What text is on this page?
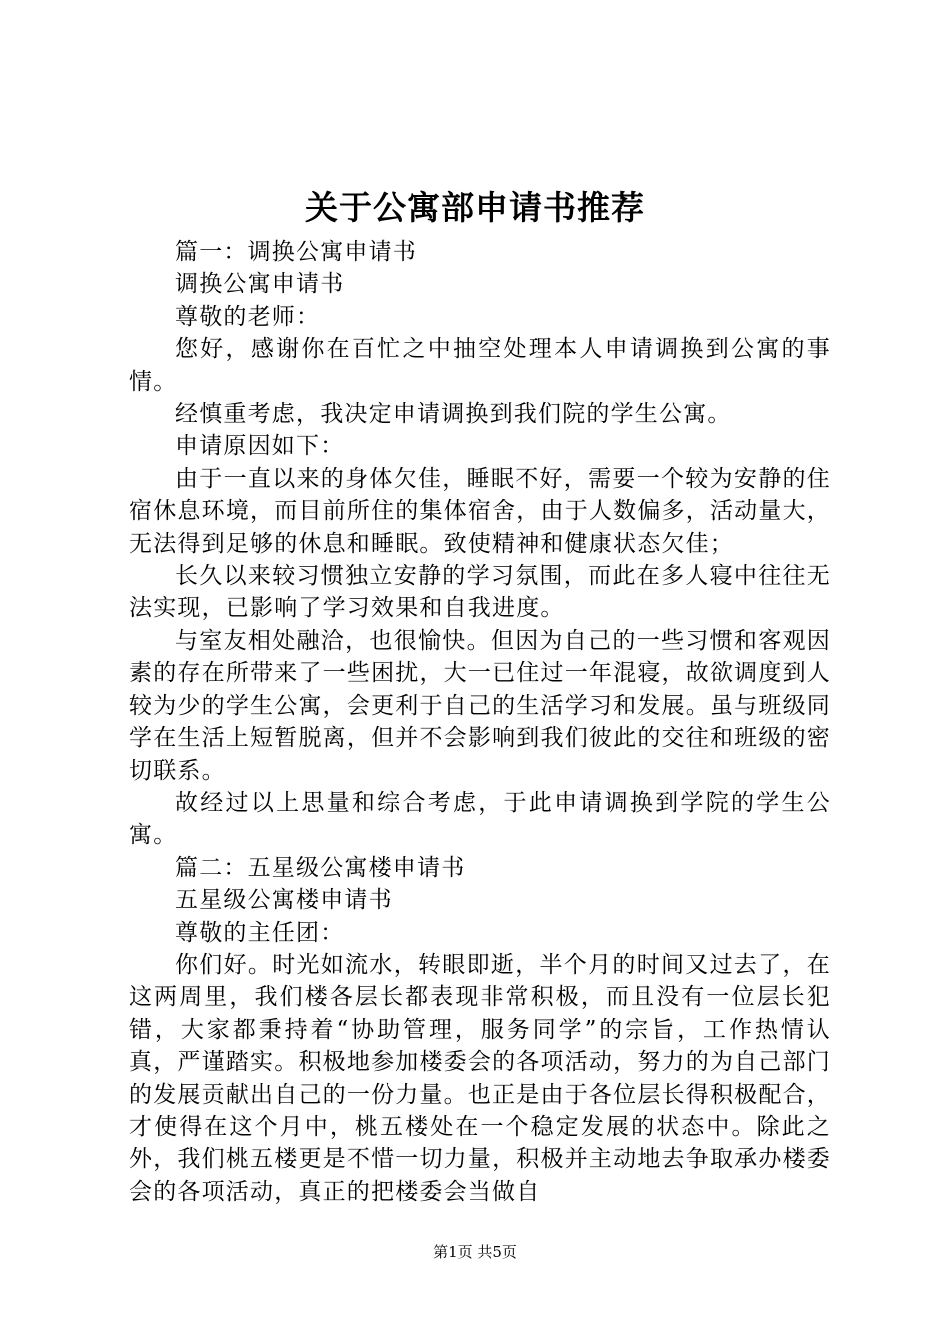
关于公寓部申请书推荐

篇一：调换公寓申请书

调换公寓申请书

尊敬的老师：

您好，感谢你在百忙之中抽空处理本人申请调换到公寓的事情。

经慎重考虑，我决定申请调换到我们院的学生公寓。

申请原因如下：

由于一直以来的身体欠佳，睡眠不好，需要一个较为安静的住宿休息环境，而目前所住的集体宿舍，由于人数偏多，活动量大，无法得到足够的休息和睡眠。致使精神和健康状态欠佳；

长久以来较习惯独立安静的学习氛围，而此在多人寝中往往无法实现，已影响了学习效果和自我进度。

与室友相处融洽，也很愉快。但因为自己的一些习惯和客观因素的存在所带来了一些困扰，大一已住过一年混寝，故欲调度到人较为少的学生公寓，会更利于自己的生活学习和发展。虽与班级同学在生活上短暂脱离，但并不会影响到我们彼此的交往和班级的密切联系。

故经过以上思量和综合考虑，于此申请调换到学院的学生公寓。

篇二：五星级公寓楼申请书

五星级公寓楼申请书

尊敬的主任团：

你们好。时光如流水，转眼即逝，半个月的时间又过去了，在这两周里，我们楼各层长都表现非常积极，而且没有一位层长犯错，大家都秉持着“协助管理，服务同学”的宗旨，工作热情认真，严谨踏实。积极地参加楼委会的各项活动，努力的为自己部门的发展贡献出自己的一份力量。也正是由于各位层长得积极配合，才使得在这个月中，桃五楼处在一个稳定发展的状态中。除此之外，我们桃五楼更是不惜一切力量，积极并主动地去争取承办楼委会的各项活动，真正的把楼委会当做自

第1页 共5页
